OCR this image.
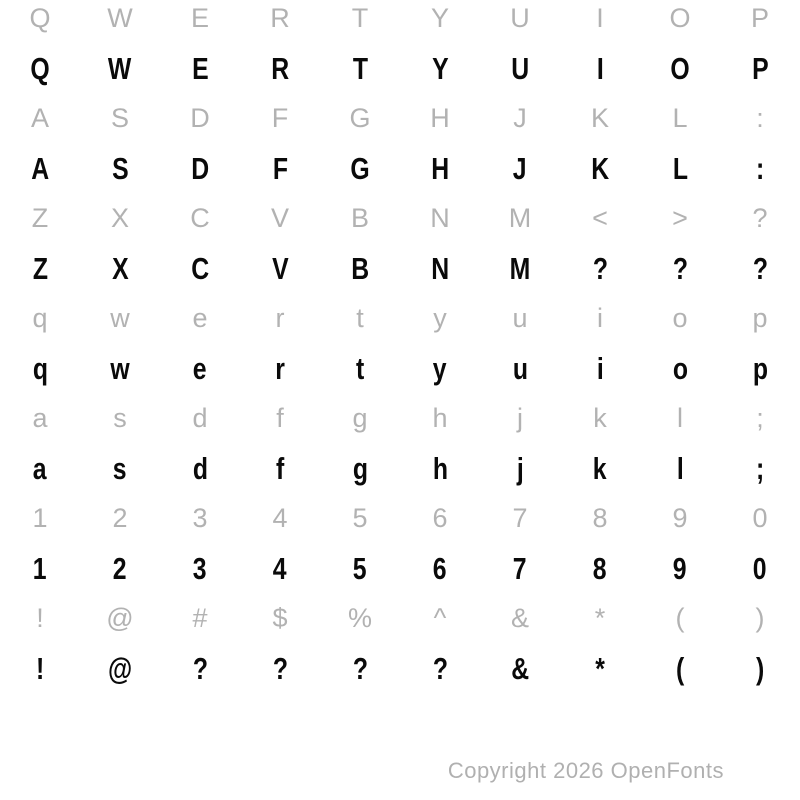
Q W E R T Y U I O P
Q W E R T Y U I O P
A S D F G H J K L	:
A S D F G H J K L :
Z X C V B N M < > ?
Z X C V B N M ? ? ?
q w e	r	t	y u	i	o p
q w e r t y u i o p
a s d	f	g h	j	k	l	;
a s d f g h j k l ;
1 2 3 4 5 6 7 8 9 0
1 2 3 4 5 6 7 8 9 0
! @ # $ % ^ & *	(	)
! @ ? ? ? ? & * ( )
Copyright 2026 OpenFonts
